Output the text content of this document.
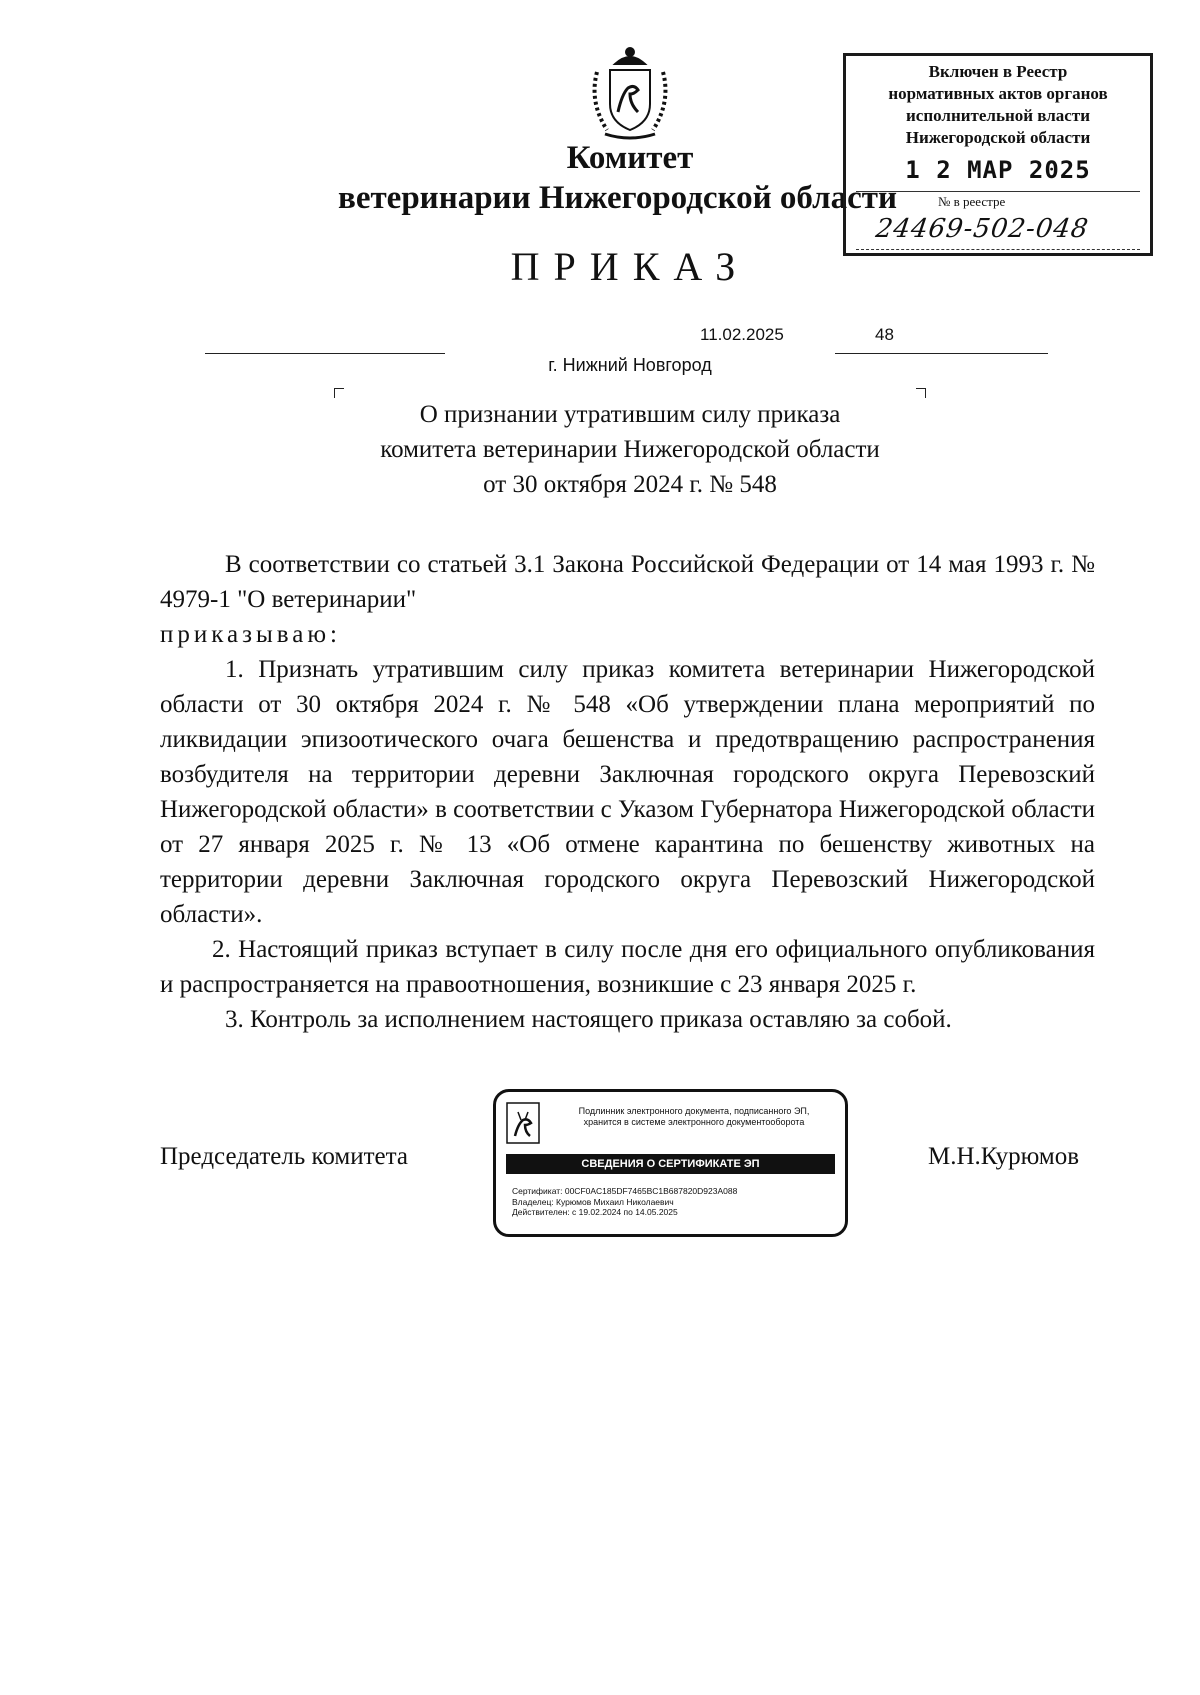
Комитет
ветеринарии Нижегородской области
ПРИКАЗ
Включен в Реестр
нормативных актов органов
исполнительной власти
Нижегородской области
1 2 MAP 2025
№ в реестре
24469-502-048
11.02.2025	48
г. Нижний Новгород
О признании утратившим силу приказа
комитета ветеринарии Нижегородской области
от 30 октября 2024 г. № 548

В соответствии со статьей 3.1 Закона Российской Федерации от 14 мая 1993 г. № 4979-1 "О ветеринарии"

приказываю:

1. Признать утратившим силу приказ комитета ветеринарии Нижегородской области от 30 октября 2024 г. № 548 «Об утверждении плана мероприятий по ликвидации эпизоотического очага бешенства и предотвращению распространения возбудителя на территории деревни Заключная городского округа Перевозский Нижегородской области» в соответствии с Указом Губернатора Нижегородской области от 27 января 2025 г. № 13 «Об отмене карантина по бешенству животных на территории деревни Заключная городского округа Перевозский Нижегородской области».

2. Настоящий приказ вступает в силу после дня его официального опубликования и распространяется на правоотношения, возникшие с 23 января 2025 г.

3. Контроль за исполнением настоящего приказа оставляю за собой.

Председатель комитета	М.Н.Курюмов
Подлинник электронного документа, подписанного ЭП,
хранится в системе электронного документооборота
СВЕДЕНИЯ О СЕРТИФИКАТЕ ЭП
Сертификат: 00CF0AC185DF7465BC1B687820D923A088
Владелец: Курюмов Михаил Николаевич
Действителен: с 19.02.2024 по 14.05.2025
